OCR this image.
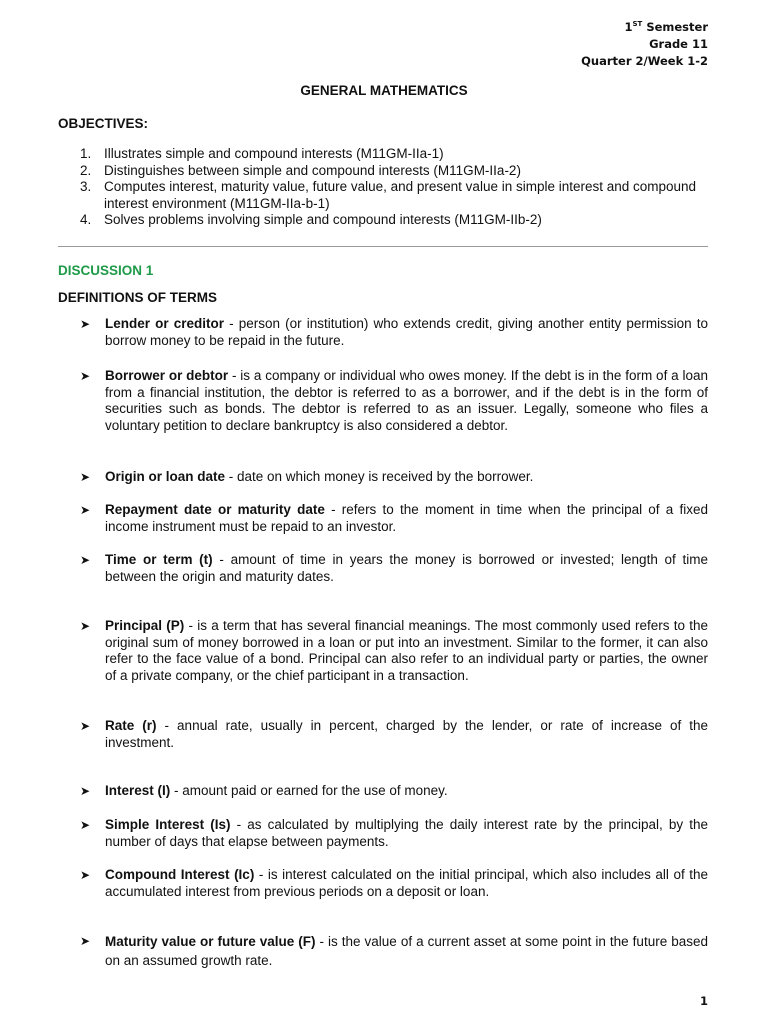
1ST Semester
Grade 11
Quarter 2/Week 1-2
GENERAL MATHEMATICS
OBJECTIVES:
1. Illustrates simple and compound interests (M11GM-IIa-1)
2. Distinguishes between simple and compound interests (M11GM-IIa-2)
3. Computes interest, maturity value, future value, and present value in simple interest and compound interest environment (M11GM-IIa-b-1)
4. Solves problems involving simple and compound interests (M11GM-IIb-2)
DISCUSSION 1
DEFINITIONS OF TERMS
➤ Lender or creditor - person (or institution) who extends credit, giving another entity permission to borrow money to be repaid in the future.
➤ Borrower or debtor - is a company or individual who owes money. If the debt is in the form of a loan from a financial institution, the debtor is referred to as a borrower, and if the debt is in the form of securities such as bonds. The debtor is referred to as an issuer. Legally, someone who files a voluntary petition to declare bankruptcy is also considered a debtor.
➤ Origin or loan date - date on which money is received by the borrower.
➤ Repayment date or maturity date - refers to the moment in time when the principal of a fixed income instrument must be repaid to an investor.
➤ Time or term (t) - amount of time in years the money is borrowed or invested; length of time between the origin and maturity dates.
➤ Principal (P) - is a term that has several financial meanings. The most commonly used refers to the original sum of money borrowed in a loan or put into an investment. Similar to the former, it can also refer to the face value of a bond. Principal can also refer to an individual party or parties, the owner of a private company, or the chief participant in a transaction.
➤ Rate (r) - annual rate, usually in percent, charged by the lender, or rate of increase of the investment.
➤ Interest (I) - amount paid or earned for the use of money.
➤ Simple Interest (Is) - as calculated by multiplying the daily interest rate by the principal, by the number of days that elapse between payments.
➤ Compound Interest (Ic) - is interest calculated on the initial principal, which also includes all of the accumulated interest from previous periods on a deposit or loan.
➤ Maturity value or future value (F) - is the value of a current asset at some point in the future based on an assumed growth rate.
1
